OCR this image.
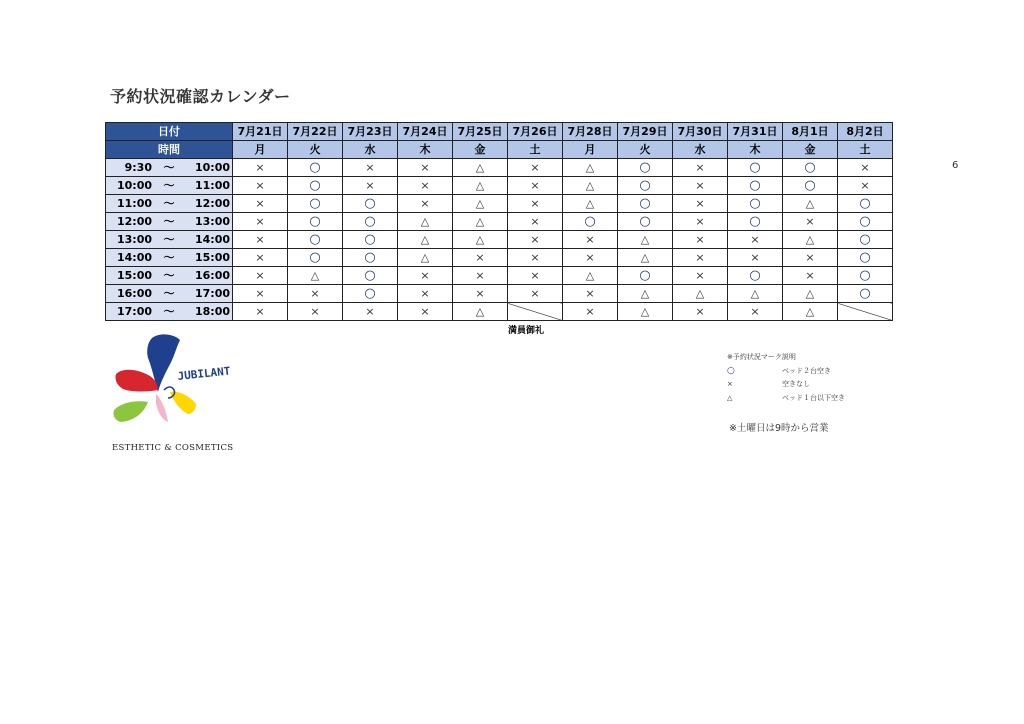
予約状況確認カレンダー
6
日付	7月21日	7月22日	7月23日	7月24日	7月25日	7月26日	7月28日	7月29日	7月30日	7月31日	8月1日	8月2日
時間	月	火	水	木	金	土	月	火	水	木	金	土
9:30 ～ 10:00	×	○	×	×	△	×	△	○	×	○	○	×
10:00 ～ 11:00	×	○	×	×	△	×	△	○	×	○	○	×
11:00 ～ 12:00	×	○	○	×	△	×	△	○	×	○	△	○
12:00 ～ 13:00	×	○	○	△	△	×	○	○	×	○	×	○
13:00 ～ 14:00	×	○	○	△	△	×	×	△	×	×	△	○
14:00 ～ 15:00	×	○	○	△	×	×	×	△	×	×	×	○
15:00 ～ 16:00	×	△	○	×	×	×	△	○	×	○	×	○
16:00 ～ 17:00	×	×	○	×	×	×	×	△	△	△	△	○
17:00 ～ 18:00	×	×	×	×	△		×	△	×	×	△	
満員御礼
※予約状況マーク説明
○	ベッド２台空き
×	空きなし
△	ベッド１台以下空き
※土曜日は9時から営業
JUBILANT
ESTHETIC & COSMETICS
